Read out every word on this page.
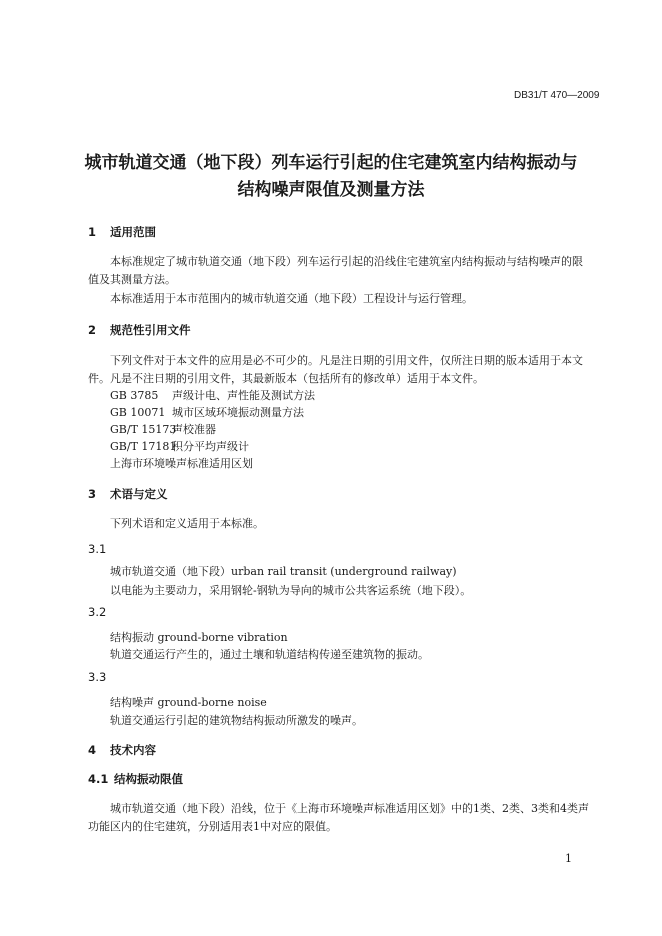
DB31/T 470—2009
城市轨道交通（地下段）列车运行引起的住宅建筑室内结构振动与
结构噪声限值及测量方法
1 适用范围
本标准规定了城市轨道交通（地下段）列车运行引起的沿线住宅建筑室内结构振动与结构噪声的限
值及其测量方法。
本标准适用于本市范围内的城市轨道交通（地下段）工程设计与运行管理。
2 规范性引用文件
下列文件对于本文件的应用是必不可少的。凡是注日期的引用文件，仅所注日期的版本适用于本文
件。凡是不注日期的引用文件，其最新版本（包括所有的修改单）适用于本文件。
GB 3785 声级计电、声性能及测试方法
GB 10071 城市区域环境振动测量方法
GB/T 15173声校准器
GB/T 17181积分平均声级计
上海市环境噪声标准适用区划
3 术语与定义
下列术语和定义适用于本标准。
3.1
城市轨道交通（地下段）urban rail transit (underground railway)
以电能为主要动力，采用钢轮-钢轨为导向的城市公共客运系统（地下段）。
3.2
结构振动 ground-borne vibration
轨道交通运行产生的，通过土壤和轨道结构传递至建筑物的振动。
3.3
结构噪声 ground-borne noise
轨道交通运行引起的建筑物结构振动所激发的噪声。
4 技术内容
4.1 结构振动限值
城市轨道交通（地下段）沿线，位于《上海市环境噪声标准适用区划》中的1类、2类、3类和4类声
功能区内的住宅建筑，分别适用表1中对应的限值。
1
